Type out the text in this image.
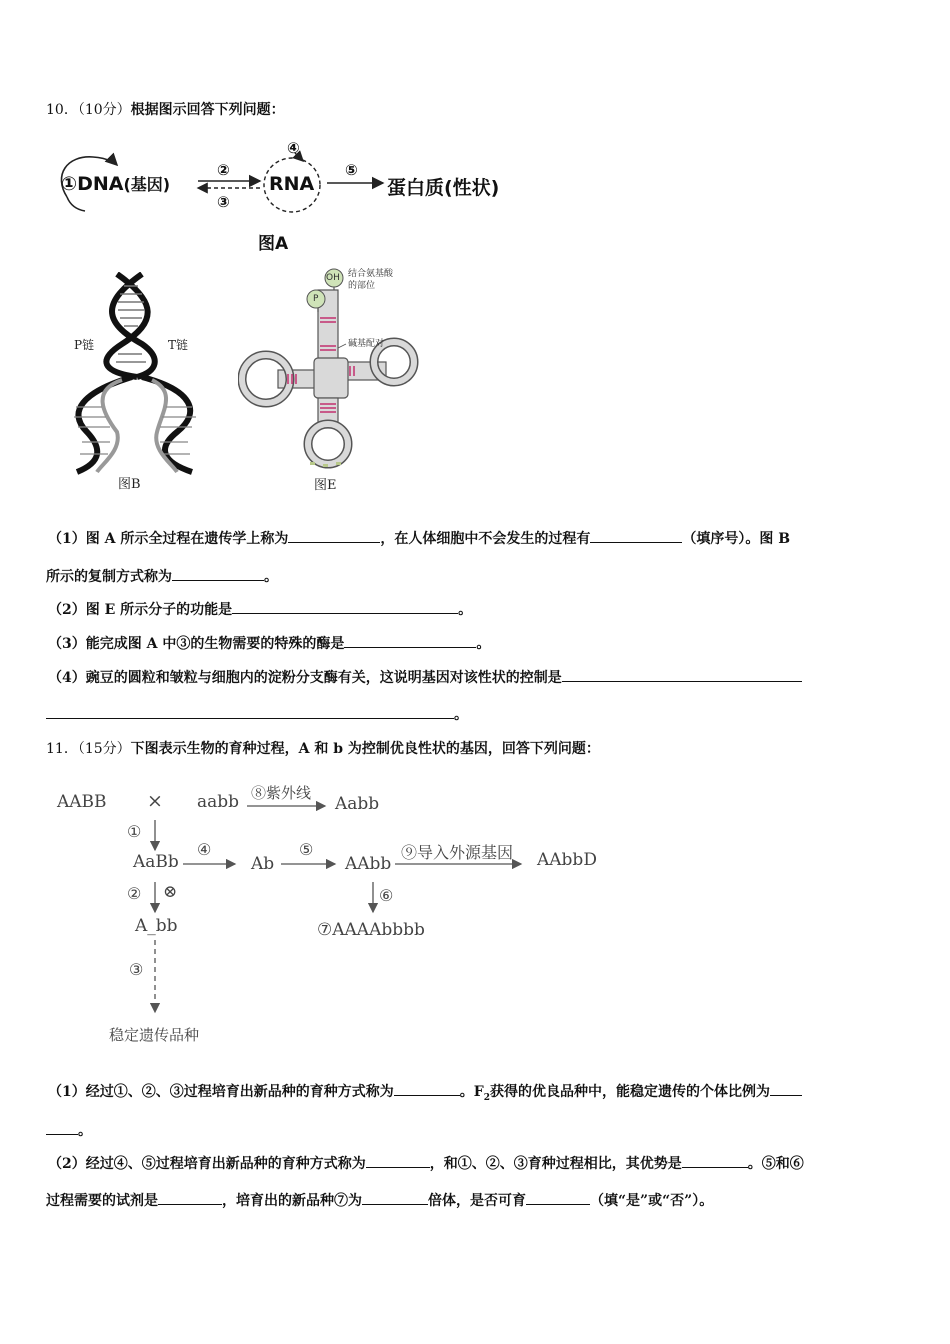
10．（10分）根据图示回答下列问题：
①DNA(基因)
②
③
④
RNA
⑤
蛋白质(性状)
图A
P链	T链
图B
OH
P
结合氨基酸
的部位
碱基配对
图E
（1）图 A 所示全过程在遗传学上称为	，在人体细胞中不会发生的过程有	（填序号）。图 B
所示的复制方式称为	。
（2）图 E 所示分子的功能是	。
（3）能完成图 A 中③的生物需要的特殊的酶是	。
（4）豌豆的圆粒和皱粒与细胞内的淀粉分支酶有关，这说明基因对该性状的控制是
。
11．（15分）下图表示生物的育种过程，A 和 b 为控制优良性状的基因，回答下列问题：
AABB × aabb ⑧紫外线
Aabb
①
AaBb
④
Ab
⑤
AAbb
⑨导入外源基因 AAbbD
② ⊗	⑥
A_bb	⑦AAAAbbbb
③
稳定遗传品种
（1）经过①、②、③过程培育出新品种的育种方式称为	。$F_2$获得的优良品种中，能稳定遗传的个体比例为
。
（2）经过④、⑤过程培育出新品种的育种方式称为	，和①、②、③育种过程相比，其优势是	。⑤和⑥
过程需要的试剂是	，培育出的新品种⑦为	倍体，是否可育	（填“是”或“否”）。
